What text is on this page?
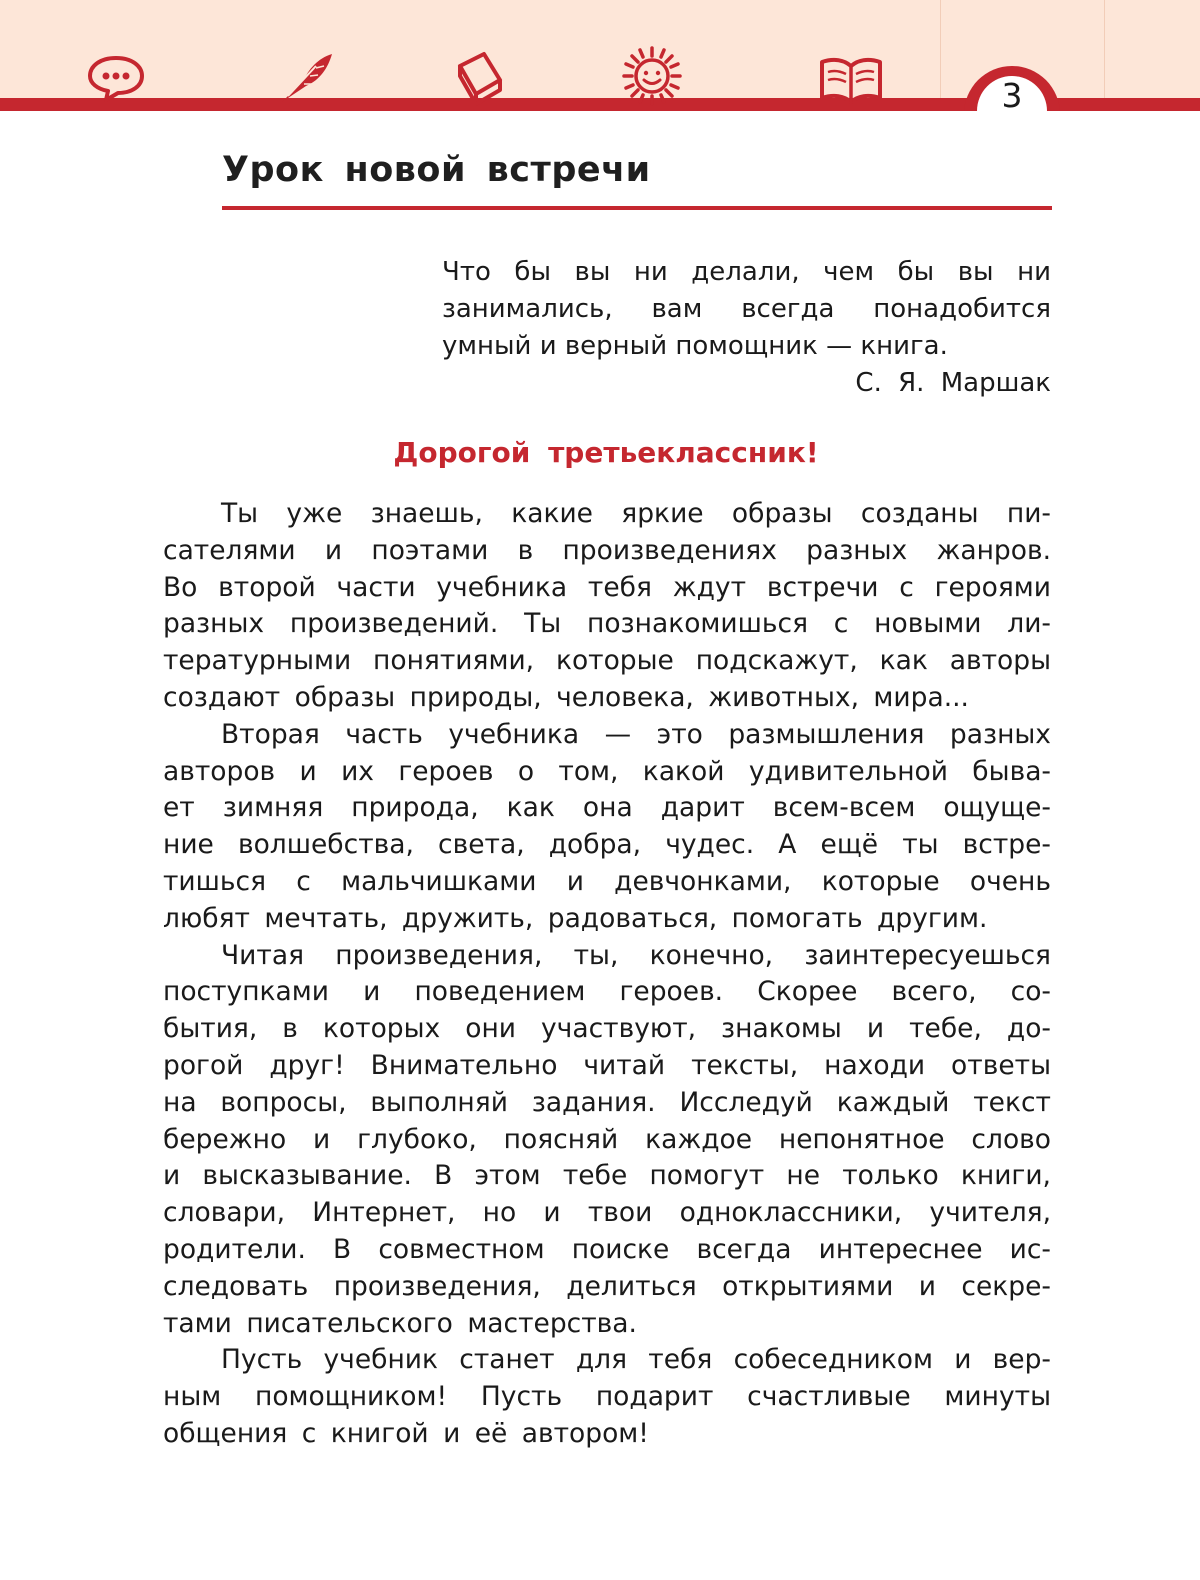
3
Урок новой встречи
Что бы вы ни делали, чем бы вы ни
занимались, вам всегда понадобится
умный и верный помощник — книга.
С. Я. Маршак
Дорогой третьеклассник!
Ты уже знаешь, какие яркие образы созданы пи-
сателями и поэтами в произведениях разных жанров.
Во второй части учебника тебя ждут встречи с героями
разных произведений. Ты познакомишься с новыми ли-
тературными понятиями, которые подскажут, как авторы
создают образы природы, человека, животных, мира...
Вторая часть учебника — это размышления разных
авторов и их героев о том, какой удивительной быва-
ет зимняя природа, как она дарит всем-всем ощуще-
ние волшебства, света, добра, чудес. А ещё ты встре-
тишься с мальчишками и девчонками, которые очень
любят мечтать, дружить, радоваться, помогать другим.
Читая произведения, ты, конечно, заинтересуешься
поступками и поведением героев. Скорее всего, со-
бытия, в которых они участвуют, знакомы и тебе, до-
рогой друг! Внимательно читай тексты, находи ответы
на вопросы, выполняй задания. Исследуй каждый текст
бережно и глубоко, поясняй каждое непонятное слово
и высказывание. В этом тебе помогут не только книги,
словари, Интернет, но и твои одноклассники, учителя,
родители. В совместном поиске всегда интереснее ис-
следовать произведения, делиться открытиями и секре-
тами писательского мастерства.
Пусть учебник станет для тебя собеседником и вер-
ным помощником! Пусть подарит счастливые минуты
общения с книгой и её автором!
